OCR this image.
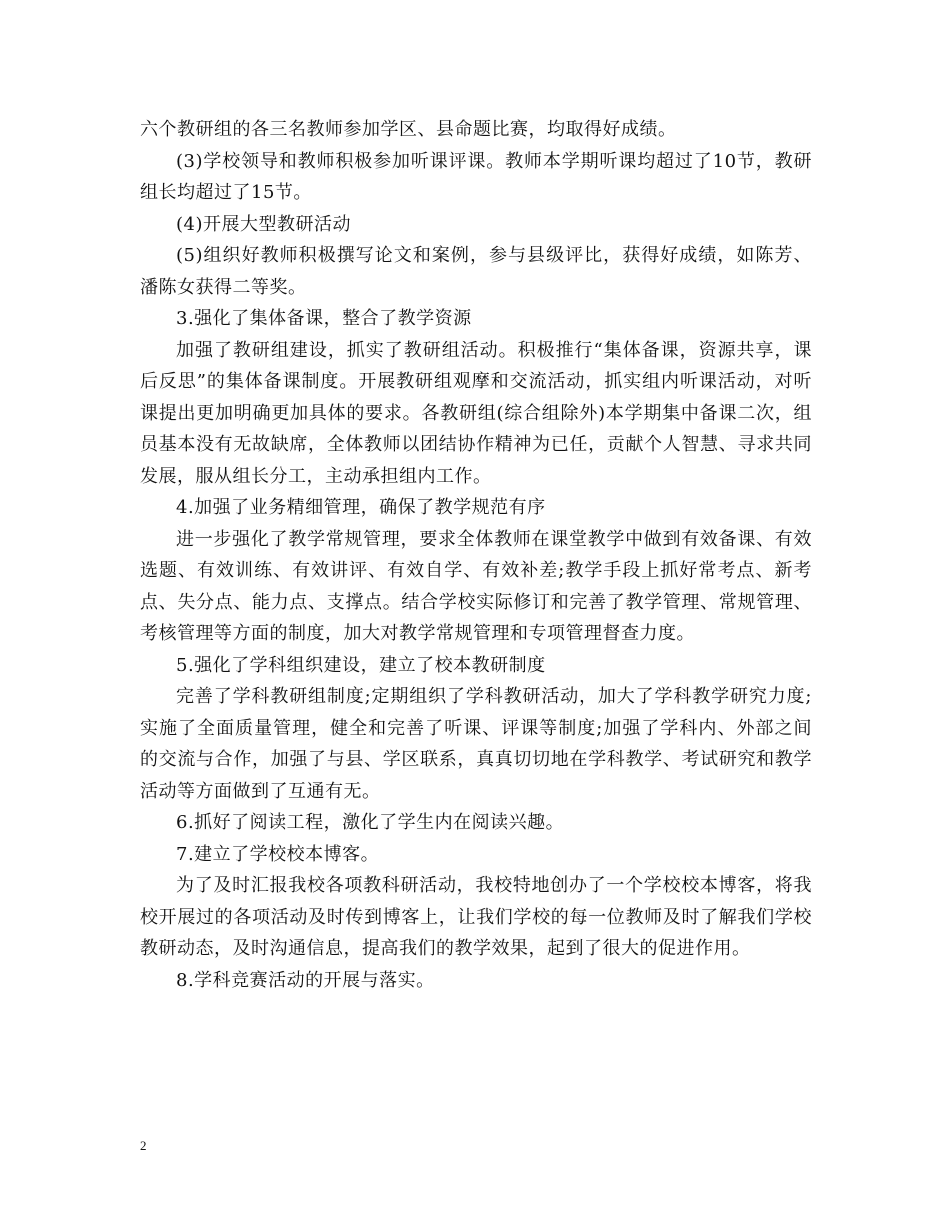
六个教研组的各三名教师参加学区、县命题比赛，均取得好成绩。

(3)学校领导和教师积极参加听课评课。教师本学期听课均超过了10节，教研组长均超过了15节。

(4)开展大型教研活动

(5)组织好教师积极撰写论文和案例，参与县级评比，获得好成绩，如陈芳、潘陈女获得二等奖。

3.强化了集体备课，整合了教学资源

加强了教研组建设，抓实了教研组活动。积极推行“集体备课，资源共享，课后反思”的集体备课制度。开展教研组观摩和交流活动，抓实组内听课活动，对听课提出更加明确更加具体的要求。各教研组(综合组除外)本学期集中备课二次，组员基本没有无故缺席，全体教师以团结协作精神为已任，贡献个人智慧、寻求共同发展，服从组长分工，主动承担组内工作。

4.加强了业务精细管理，确保了教学规范有序

进一步强化了教学常规管理，要求全体教师在课堂教学中做到有效备课、有效选题、有效训练、有效讲评、有效自学、有效补差;教学手段上抓好常考点、新考点、失分点、能力点、支撑点。结合学校实际修订和完善了教学管理、常规管理、考核管理等方面的制度，加大对教学常规管理和专项管理督查力度。

5.强化了学科组织建设，建立了校本教研制度

完善了学科教研组制度;定期组织了学科教研活动，加大了学科教学研究力度;实施了全面质量管理，健全和完善了听课、评课等制度;加强了学科内、外部之间的交流与合作，加强了与县、学区联系，真真切切地在学科教学、考试研究和教学活动等方面做到了互通有无。

6.抓好了阅读工程，激化了学生内在阅读兴趣。

7.建立了学校校本博客。

为了及时汇报我校各项教科研活动，我校特地创办了一个学校校本博客，将我校开展过的各项活动及时传到博客上，让我们学校的每一位教师及时了解我们学校教研动态，及时沟通信息，提高我们的教学效果，起到了很大的促进作用。

8.学科竞赛活动的开展与落实。

2
